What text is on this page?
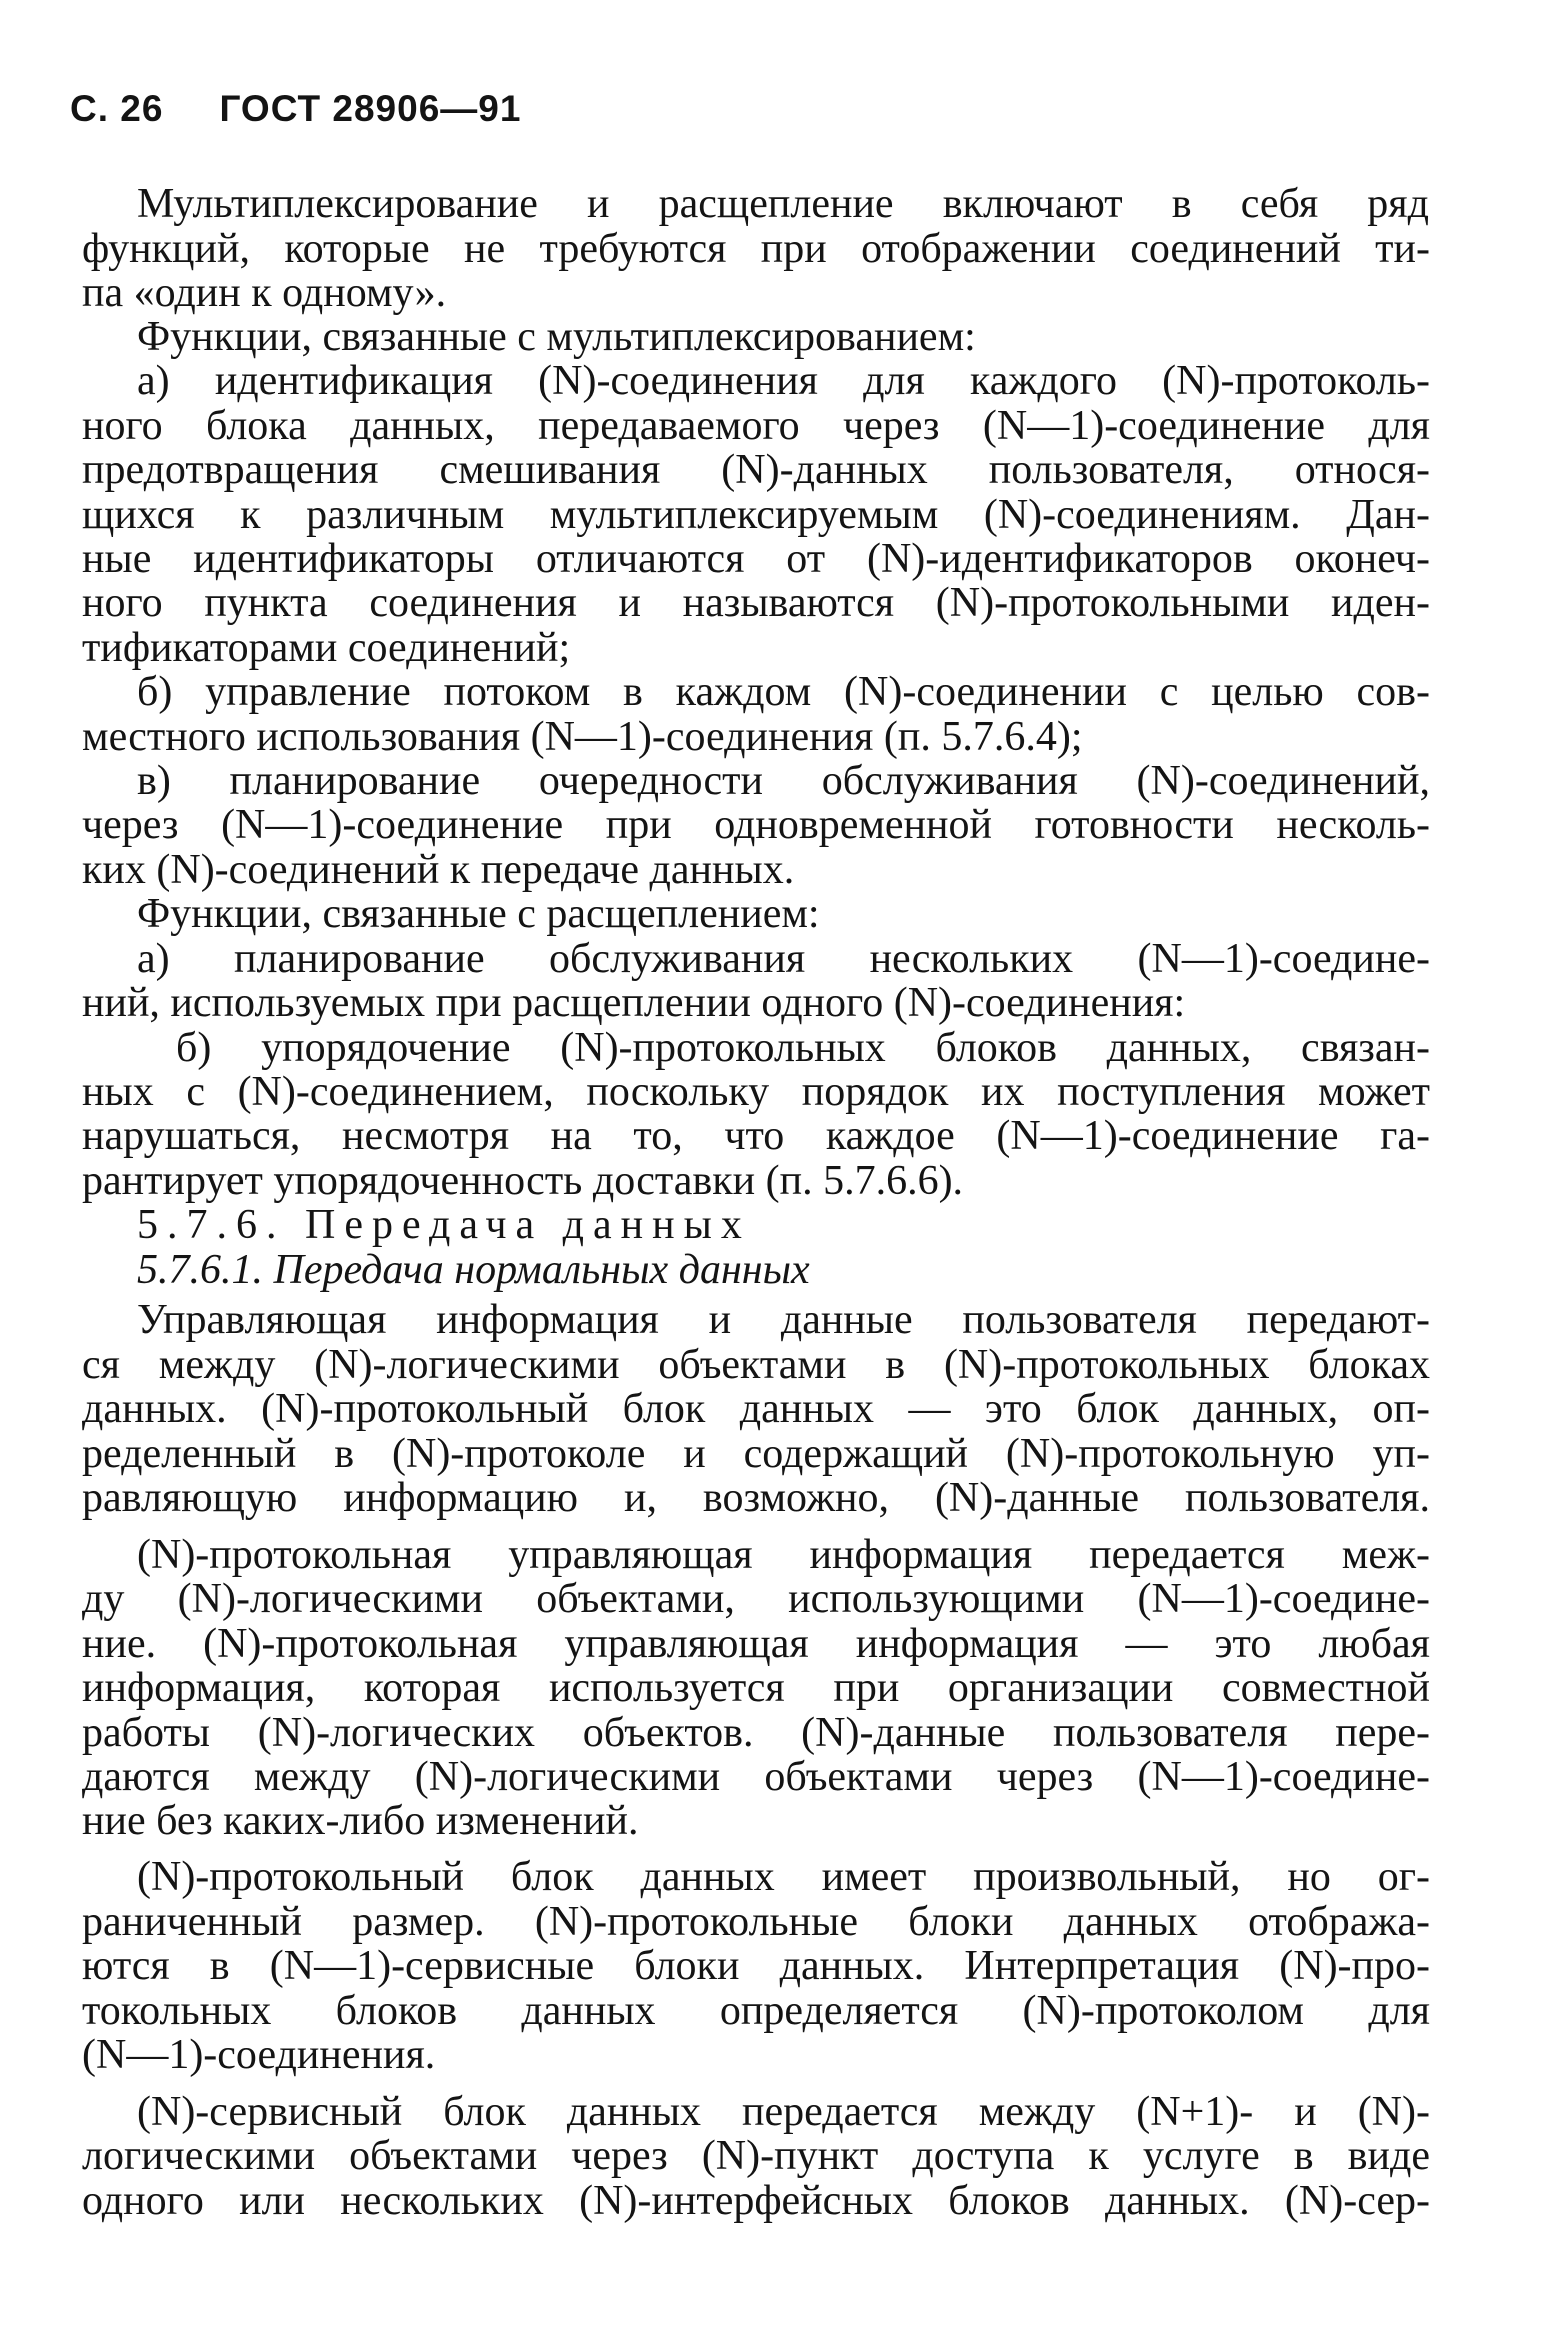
С. 26 ГОСТ 28906—91
Мультиплексирование и расщепление включают в себя ряд
функций, которые не требуются при отображении соединений ти-
па «один к одному».
Функции, связанные с мультиплексированием:
а) идентификация (N)-соединения для каждого (N)-протоколь-
ного блока данных, передаваемого через (N—1)-соединение для
предотвращения смешивания (N)-данных пользователя, относя-
щихся к различным мультиплексируемым (N)-соединениям. Дан-
ные идентификаторы отличаются от (N)-идентификаторов оконеч-
ного пункта соединения и называются (N)-протокольными иден-
тификаторами соединений;
б) управление потоком в каждом (N)-соединении с целью сов-
местного использования (N—1)-соединения (п. 5.7.6.4);
в) планирование очередности обслуживания (N)-соединений,
через (N—1)-соединение при одновременной готовности несколь-
ких (N)-соединений к передаче данных.
Функции, связанные с расщеплением:
а) планирование обслуживания нескольких (N—1)-соедине-
ний, используемых при расщеплении одного (N)-соединения:
б) упорядочение (N)-протокольных блоков данных, связан-
ных с (N)-соединением, поскольку порядок их поступления может
нарушаться, несмотря на то, что каждое (N—1)-соединение га-
рантирует упорядоченность доставки (п. 5.7.6.6).
5.7.6. Передача данных
5.7.6.1. Передача нормальных данных
Управляющая информация и данные пользователя передают-
ся между (N)-логическими объектами в (N)-протокольных блоках
данных. (N)-протокольный блок данных — это блок данных, оп-
ределенный в (N)-протоколе и содержащий (N)-протокольную уп-
равляющую информацию и, возможно, (N)-данные пользователя.
(N)-протокольная управляющая информация передается меж-
ду (N)-логическими объектами, использующими (N—1)-соедине-
ние. (N)-протокольная управляющая информация — это любая
информация, которая используется при организации совместной
работы (N)-логических объектов. (N)-данные пользователя пере-
даются между (N)-логическими объектами через (N—1)-соедине-
ние без каких-либо изменений.
(N)-протокольный блок данных имеет произвольный, но ог-
раниченный размер. (N)-протокольные блоки данных отобража-
ются в (N—1)-сервисные блоки данных. Интерпретация (N)-про-
токольных блоков данных определяется (N)-протоколом для
(N—1)-соединения.
(N)-сервисный блок данных передается между (N+1)- и (N)-
логическими объектами через (N)-пункт доступа к услуге в виде
одного или нескольких (N)-интерфейсных блоков данных. (N)-сер-
